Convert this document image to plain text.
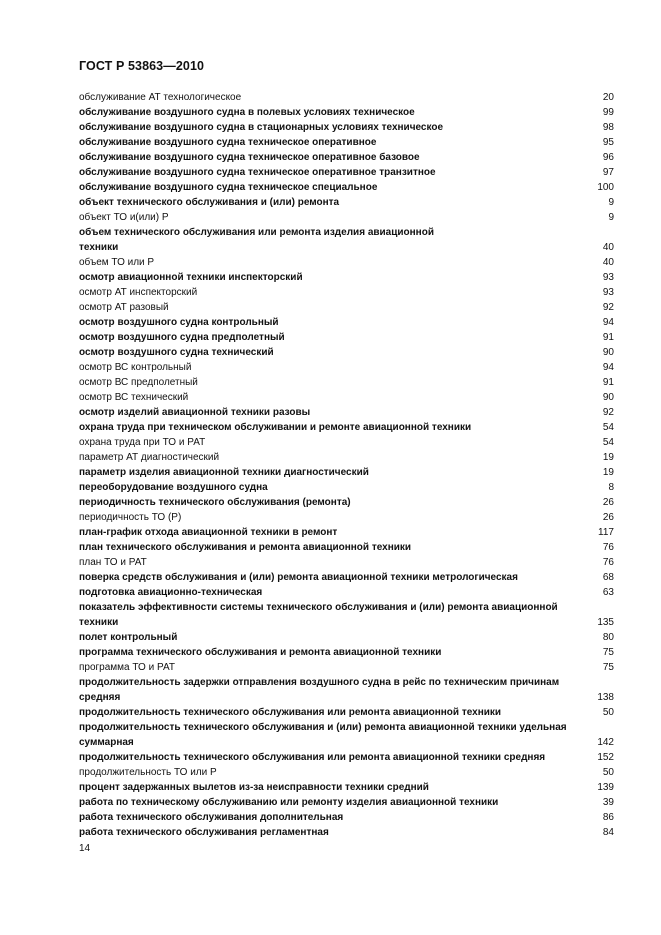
ГОСТ Р 53863—2010
обслуживание АТ технологическое	20
обслуживание воздушного судна в полевых условиях техническое	99
обслуживание воздушного судна в стационарных условиях техническое	98
обслуживание воздушного судна техническое оперативное	95
обслуживание воздушного судна техническое оперативное базовое	96
обслуживание воздушного судна техническое оперативное транзитное	97
обслуживание воздушного судна техническое специальное	100
объект технического обслуживания и (или) ремонта	9
объект ТО и(или) Р	9
объем технического обслуживания или ремонта изделия авиационной
техники	40
объем ТО или Р	40
осмотр авиационной техники инспекторский	93
осмотр АТ инспекторский	93
осмотр АТ разовый	92
осмотр воздушного судна контрольный	94
осмотр воздушного судна предполетный	91
осмотр воздушного судна технический	90
осмотр ВС контрольный	94
осмотр ВС предполетный	91
осмотр ВС технический	90
осмотр изделий авиационной техники разовы	92
охрана труда при техническом обслуживании и ремонте авиационной техники	54
охрана труда при ТО и РАТ	54
параметр АТ диагностический	19
параметр изделия авиационной техники диагностический	19
переоборудование воздушного судна	8
периодичность технического обслуживания (ремонта)	26
периодичность ТО (Р)	26
план-график отхода авиационной техники в ремонт	117
план технического обслуживания и ремонта авиационной техники	76
план ТО и РАТ	76
поверка средств обслуживания и (или) ремонта авиационной техники метрологическая	68
подготовка авиационно-техническая	63
показатель эффективности системы технического обслуживания и (или) ремонта авиационной
техники	135
полет контрольный	80
программа технического обслуживания и ремонта авиационной техники	75
программа ТО и РАТ	75
продолжительность задержки отправления воздушного судна в рейс по техническим причинам
средняя	138
продолжительность технического обслуживания или ремонта авиационной техники	50
продолжительность технического обслуживания и (или) ремонта авиационной техники удельная
суммарная	142
продолжительность технического обслуживания или ремонта авиационной техники средняя	152
продолжительность ТО или Р	50
процент задержанных вылетов из-за неисправности техники средний	139
работа по техническому обслуживанию или ремонту изделия авиационной техники	39
работа технического обслуживания дополнительная	86
работа технического обслуживания регламентная	84
14
